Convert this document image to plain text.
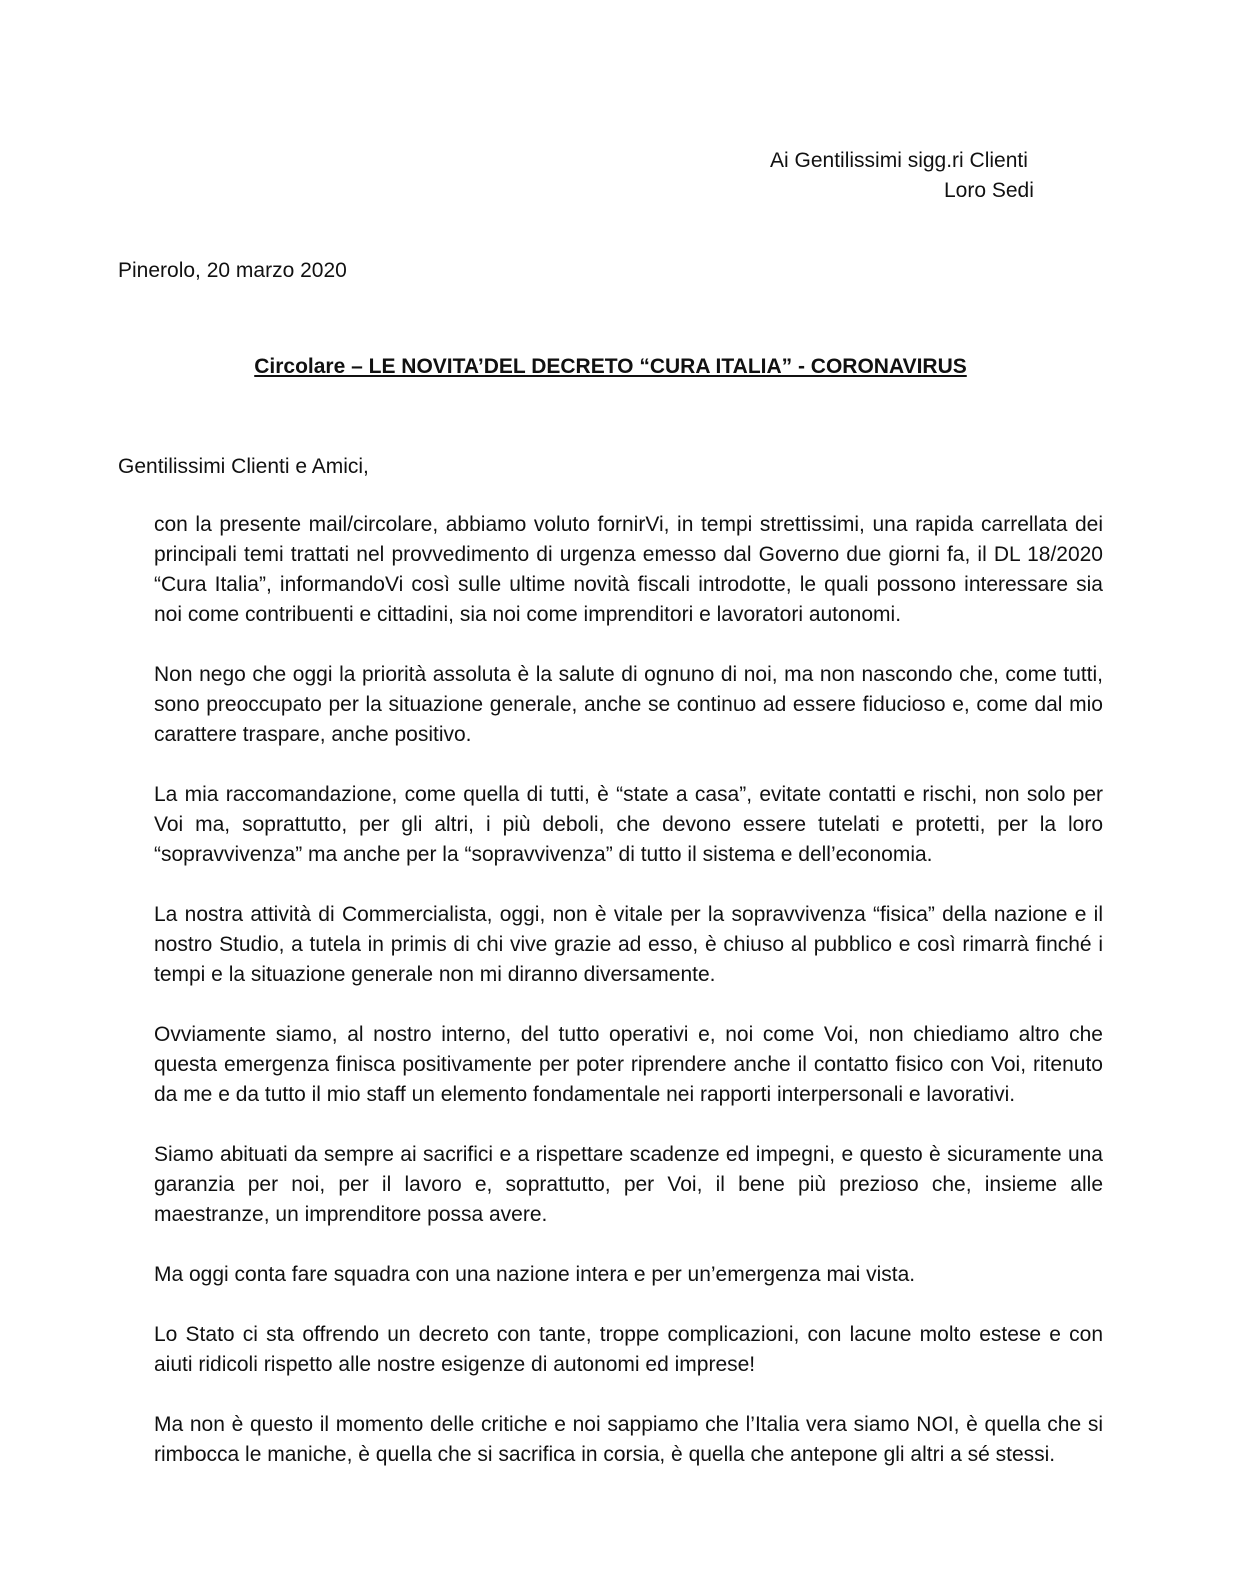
Ai Gentilissimi sigg.ri Clienti
Loro Sedi
Pinerolo, 20 marzo 2020
Circolare – LE NOVITA’DEL DECRETO “CURA ITALIA” - CORONAVIRUS
Gentilissimi Clienti e Amici,

con la presente mail/circolare, abbiamo voluto fornirVi, in tempi strettissimi, una rapida carrellata dei principali temi trattati nel provvedimento di urgenza emesso dal Governo due giorni fa, il DL 18/2020 “Cura Italia”, informandoVi così sulle ultime novità fiscali introdotte, le quali possono interessare sia noi come contribuenti e cittadini, sia noi come imprenditori e lavoratori autonomi.

Non nego che oggi la priorità assoluta è la salute di ognuno di noi, ma non nascondo che, come tutti, sono preoccupato per la situazione generale, anche se continuo ad essere fiducioso e, come dal mio carattere traspare, anche positivo.

La mia raccomandazione, come quella di tutti, è “state a casa”, evitate contatti e rischi, non solo per Voi ma, soprattutto, per gli altri, i più deboli, che devono essere tutelati e protetti, per la loro “sopravvivenza” ma anche per la “sopravvivenza” di tutto il sistema e dell’economia.

La nostra attività di Commercialista, oggi, non è vitale per la sopravvivenza “fisica” della nazione e il nostro Studio, a tutela in primis di chi vive grazie ad esso, è chiuso al pubblico e così rimarrà finché i tempi e la situazione generale non mi diranno diversamente.

Ovviamente siamo, al nostro interno, del tutto operativi e, noi come Voi, non chiediamo altro che questa emergenza finisca positivamente per poter riprendere anche il contatto fisico con Voi, ritenuto da me e da tutto il mio staff un elemento fondamentale nei rapporti interpersonali e lavorativi.

Siamo abituati da sempre ai sacrifici e a rispettare scadenze ed impegni, e questo è sicuramente una garanzia per noi, per il lavoro e, soprattutto, per Voi, il bene più prezioso che, insieme alle maestranze, un imprenditore possa avere.

Ma oggi conta fare squadra con una nazione intera e per un’emergenza mai vista.

Lo Stato ci sta offrendo un decreto con tante, troppe complicazioni, con lacune molto estese e con aiuti ridicoli rispetto alle nostre esigenze di autonomi ed imprese!

Ma non è questo il momento delle critiche e noi sappiamo che l’Italia vera siamo NOI, è quella che si rimbocca le maniche, è quella che si sacrifica in corsia, è quella che antepone gli altri a sé stessi.
